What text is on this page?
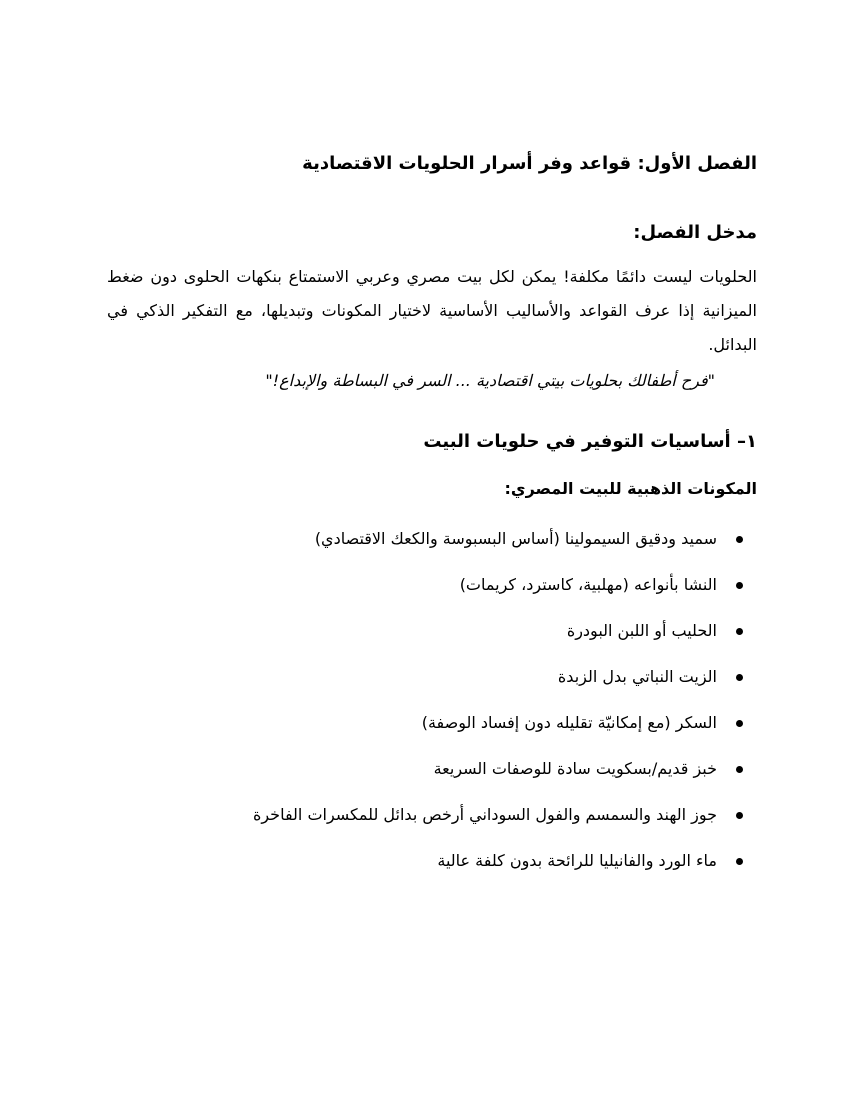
الفصل الأول: قواعد وفر أسرار الحلويات الاقتصادية
مدخل الفصل:

الحلويات ليست دائمًا مكلفة! يمكن لكل بيت مصري وعربي الاستمتاع بنكهات الحلوى دون ضغط الميزانية إذا عرف القواعد والأساليب الأساسية لاختيار المكونات وتبديلها، مع التفكير الذكي في البدائل.

"فرح أطفالك بحلويات بيتي اقتصادية ... السر في البساطة والإبداع!"

١– أساسيات التوفير في حلويات البيت
المكونات الذهبية للبيت المصري:
سميد ودقيق السيمولينا (أساس البسبوسة والكعك الاقتصادي)
النشا بأنواعه (مهلبية، كاسترد، كريمات)
الحليب أو اللبن البودرة
الزيت النباتي بدل الزبدة
السكر (مع إمكانيّة تقليله دون إفساد الوصفة)
خبز قديم/بسكويت سادة للوصفات السريعة
جوز الهند والسمسم والفول السوداني أرخص بدائل للمكسرات الفاخرة
ماء الورد والفانيليا للرائحة بدون كلفة عالية
